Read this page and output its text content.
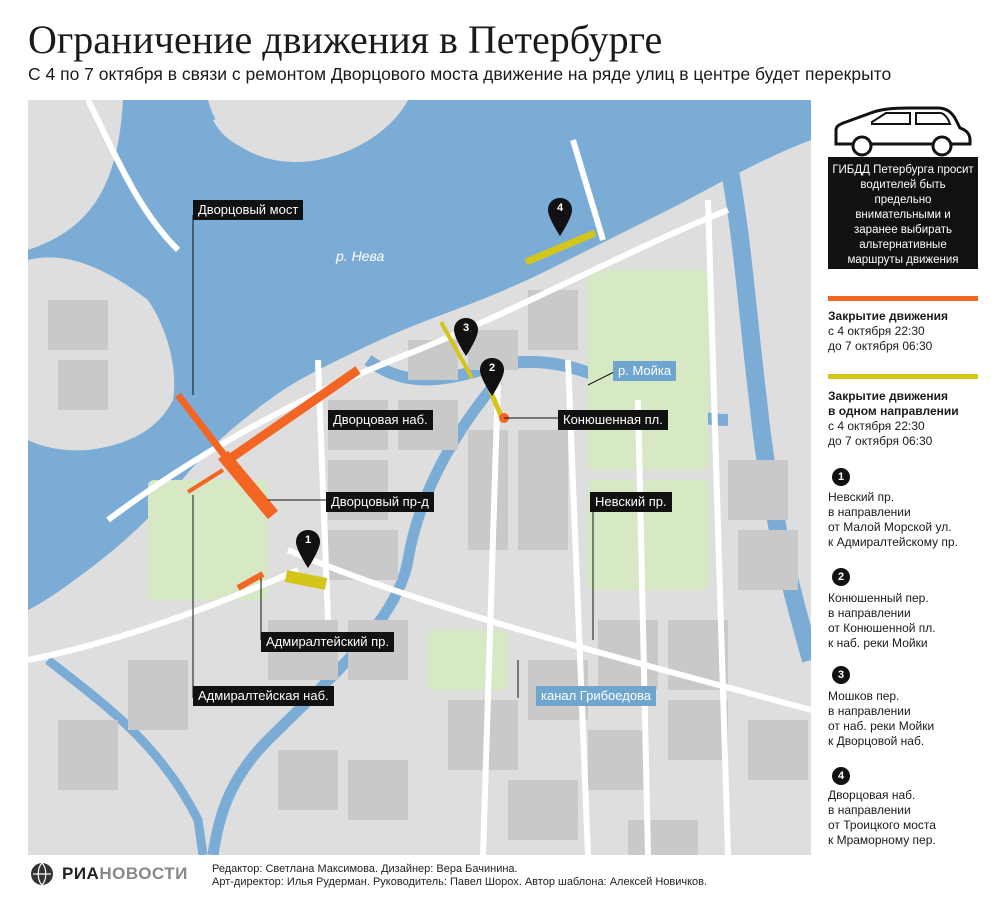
Ограничение движения в Петербурге

С 4 по 7 октября в связи с ремонтом Дворцового моста движение на ряде улиц в центре будет перекрыто

1
2
3
4
р. Нева
Дворцовый мост
Дворцовая наб.
Дворцовый пр-д
Адмиралтейский пр.
Адмиралтейская наб.
Конюшенная пл.
Невский пр.
р. Мойка
канал Грибоедова
ГИБДД Петербурга просит водителей быть предельно внимательными и заранее выбирать альтернативные маршруты движения
Закрытие движения
с 4 октября 22:30
до 7 октября 06:30
Закрытие движения
в одном направлении
с 4 октября 22:30
до 7 октября 06:30
1
Невский пр.
в направлении
от Малой Морской ул.
к Адмиралтейскому пр.
2
Конюшенный пер.
в направлении
от Конюшенной пл.
к наб. реки Мойки
3
Мошков пер.
в направлении
от наб. реки Мойки
к Дворцовой наб.
4
Дворцовая наб.
в направлении
от Троицкого моста
к Мраморному пер.
РИАНОВОСТИ Редактор: Светлана Максимова. Дизайнер: Вера Бачинина.
Арт-директор: Илья Рудерман. Руководитель: Павел Шорох. Автор шаблона: Алексей Новичков.
